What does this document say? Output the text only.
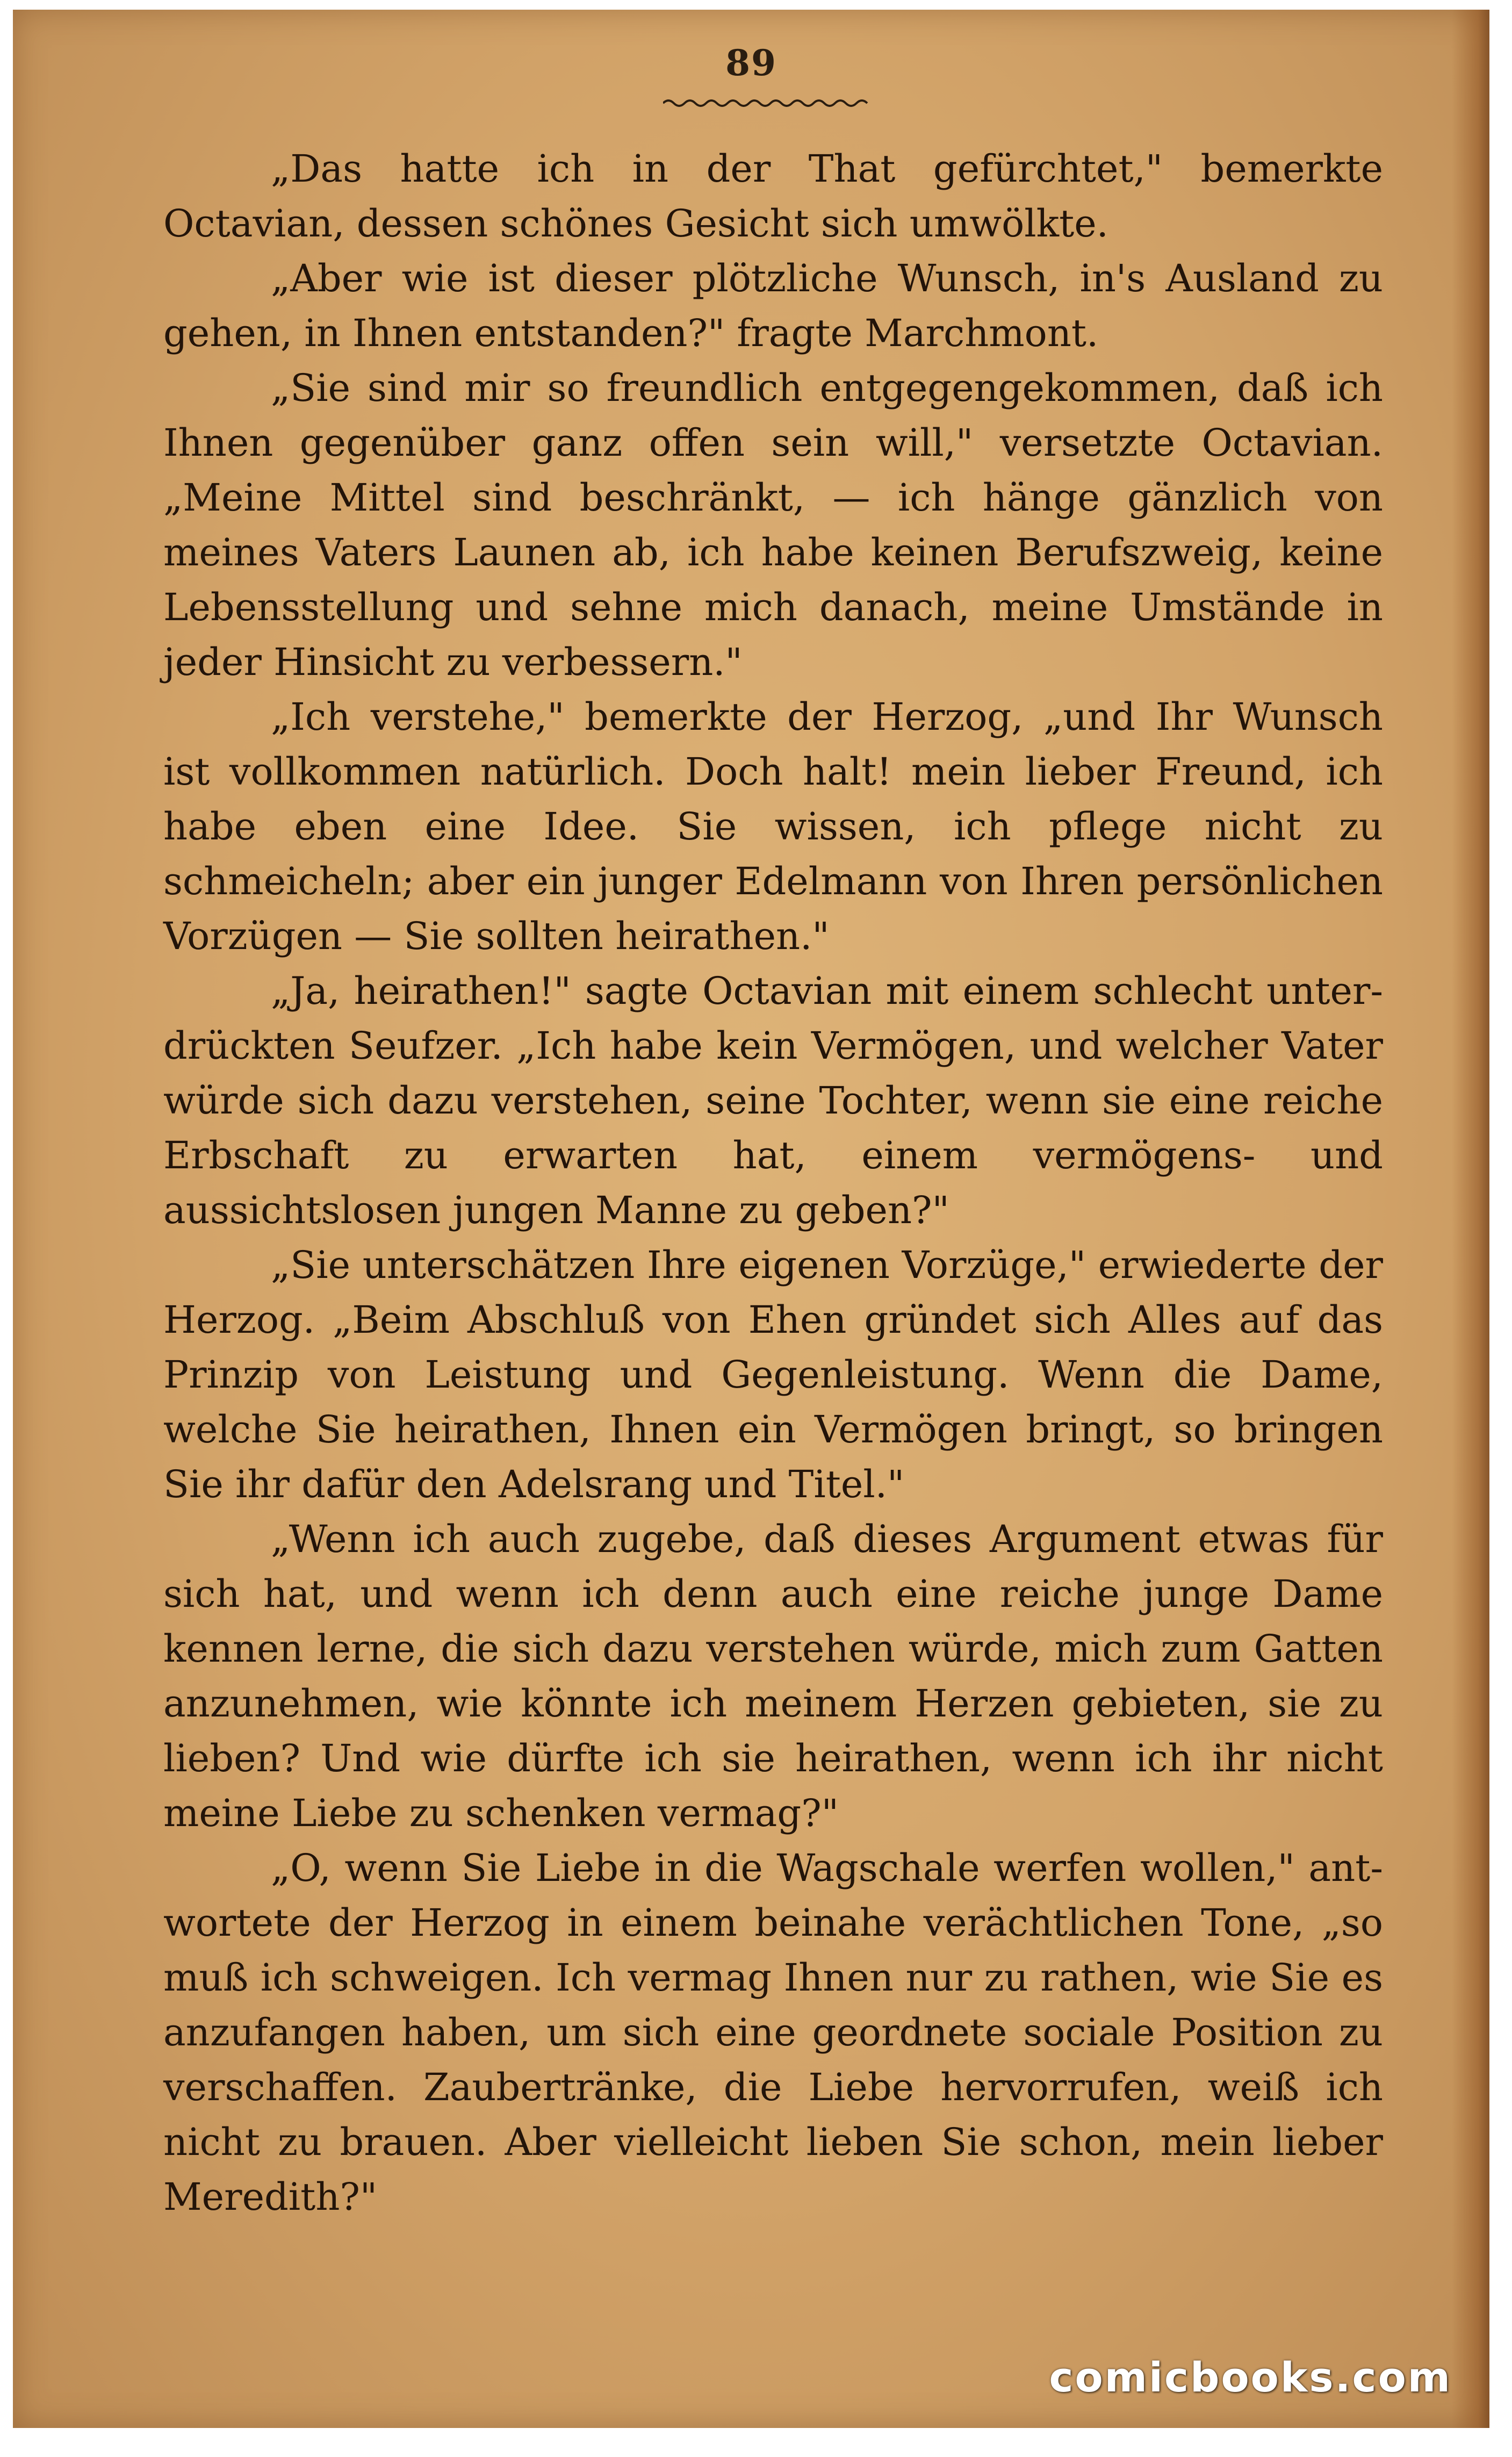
89

„Das hatte ich in der That gefürchtet," bemerkte Octavian, dessen schönes Gesicht sich umwölkte.

„Aber wie ist dieser plötzliche Wunsch, in's Ausland zu gehen, in Ihnen entstanden?" fragte Marchmont.

„Sie sind mir so freundlich entgegengekommen, daß ich Ihnen gegenüber ganz offen sein will," versetzte Octavian. „Meine Mittel sind beschränkt, — ich hänge gänzlich von meines Vaters Launen ab, ich habe keinen Berufszweig, keine Lebensstellung und sehne mich danach, meine Umstände in jeder Hinsicht zu verbessern."

„Ich verstehe," bemerkte der Herzog, „und Ihr Wunsch ist vollkommen natürlich. Doch halt! mein lieber Freund, ich habe eben eine Idee. Sie wissen, ich pflege nicht zu schmeicheln; aber ein junger Edelmann von Ihren persönlichen Vorzügen — Sie sollten heirathen."

„Ja, heirathen!" sagte Octavian mit einem schlecht unterdrückten Seufzer. „Ich habe kein Vermögen, und welcher Vater würde sich dazu verstehen, seine Tochter, wenn sie eine reiche Erbschaft zu erwarten hat, einem vermögens- und aussichtslosen jungen Manne zu geben?"

„Sie unterschätzen Ihre eigenen Vorzüge," erwiederte der Herzog. „Beim Abschluß von Ehen gründet sich Alles auf das Prinzip von Leistung und Gegenleistung. Wenn die Dame, welche Sie heirathen, Ihnen ein Vermögen bringt, so bringen Sie ihr dafür den Adelsrang und Titel."

„Wenn ich auch zugebe, daß dieses Argument etwas für sich hat, und wenn ich denn auch eine reiche junge Dame kennen lerne, die sich dazu verstehen würde, mich zum Gatten anzunehmen, wie könnte ich meinem Herzen gebieten, sie zu lieben? Und wie dürfte ich sie heirathen, wenn ich ihr nicht meine Liebe zu schenken vermag?"

„O, wenn Sie Liebe in die Wagschale werfen wollen," antwortete der Herzog in einem beinahe verächtlichen Tone, „so muß ich schweigen. Ich vermag Ihnen nur zu rathen, wie Sie es anzufangen haben, um sich eine geordnete sociale Position zu verschaffen. Zaubertränke, die Liebe hervorrufen, weiß ich nicht zu brauen. Aber vielleicht lieben Sie schon, mein lieber Meredith?"

comicbooks.com
